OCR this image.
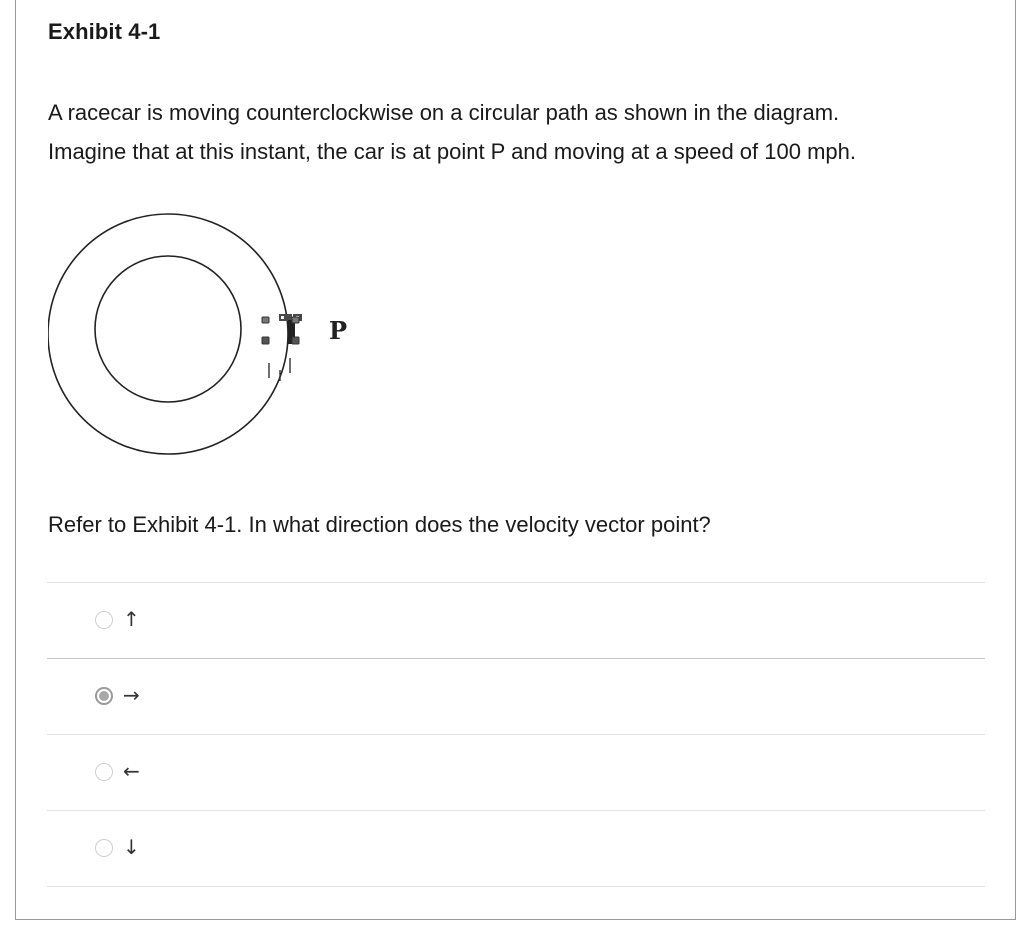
Exhibit 4-1

A racecar is moving counterclockwise on a circular path as shown in the diagram.

Imagine that at this instant, the car is at point P and moving at a speed of 100 mph.

P
Refer to Exhibit 4-1. In what direction does the velocity vector point?
↑
→
←
↓
